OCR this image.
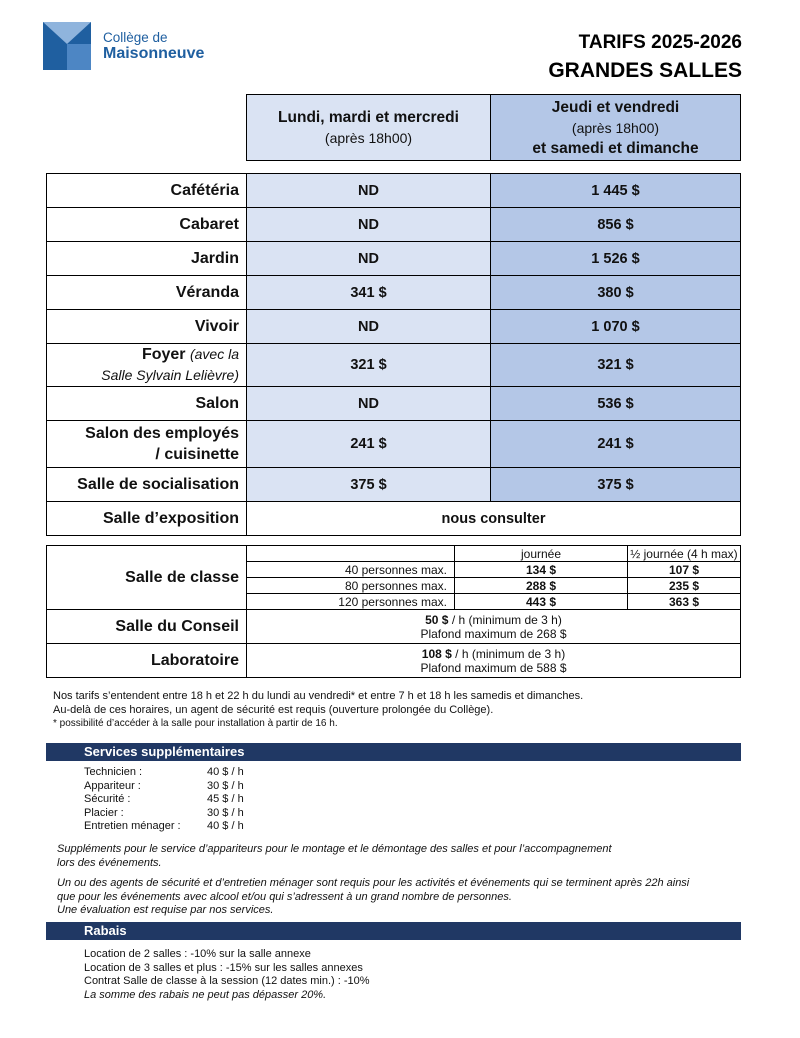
Collège de
Maisonneuve
TARIFS 2025-2026
GRANDES SALLES
Lundi, mardi et mercredi
(après 18h00)
Jeudi et vendredi
(après 18h00)
et samedi et dimanche
Cafétéria	ND	1 445 $
Cabaret	ND	856 $
Jardin	ND	1 526 $
Véranda	341 $	380 $
Vivoir	ND	1 070 $
Foyer (avec la
Salle Sylvain Lelièvre)	321 $	321 $
Salon	ND	536 $
Salon des employés
/ cuisinette	241 $	241 $
Salle de socialisation	375 $	375 $
Salle d’exposition	nous consulter	
Salle de classe		journée	½ journée (4 h max)
	40 personnes max.	134 $	107 $
	80 personnes max.	288 $	235 $
	120 personnes max.	443 $	363 $
Salle du Conseil	50 $ / h (minimum de 3 h)
Plafond maximum de 268 $		
Laboratoire	108 $ / h (minimum de 3 h)
Plafond maximum de 588 $		
Nos tarifs s’entendent entre 18 h et 22 h du lundi au vendredi* et entre 7 h et 18 h les samedis et dimanches.
Au-delà de ces horaires, un agent de sécurité est requis (ouverture prolongée du Collège).
* possibilité d’accéder à la salle pour installation à partir de 16 h.
Services supplémentaires
Technicien :	40 $ / h
Appariteur :	30 $ / h
Sécurité :	45 $ / h
Placier :	30 $ / h
Entretien ménager :	40 $ / h
Suppléments pour le service d’appariteurs pour le montage et le démontage des salles et pour l’accompagnement
lors des événements.
Un ou des agents de sécurité et d’entretien ménager sont requis pour les activités et événements qui se terminent après 22h ainsi
que pour les événements avec alcool et/ou qui s’adressent à un grand nombre de personnes.
Une évaluation est requise par nos services.
Rabais
Location de 2 salles : -10% sur la salle annexe
Location de 3 salles et plus : -15% sur les salles annexes
Contrat Salle de classe à la session (12 dates min.) : -10%
La somme des rabais ne peut pas dépasser 20%.
